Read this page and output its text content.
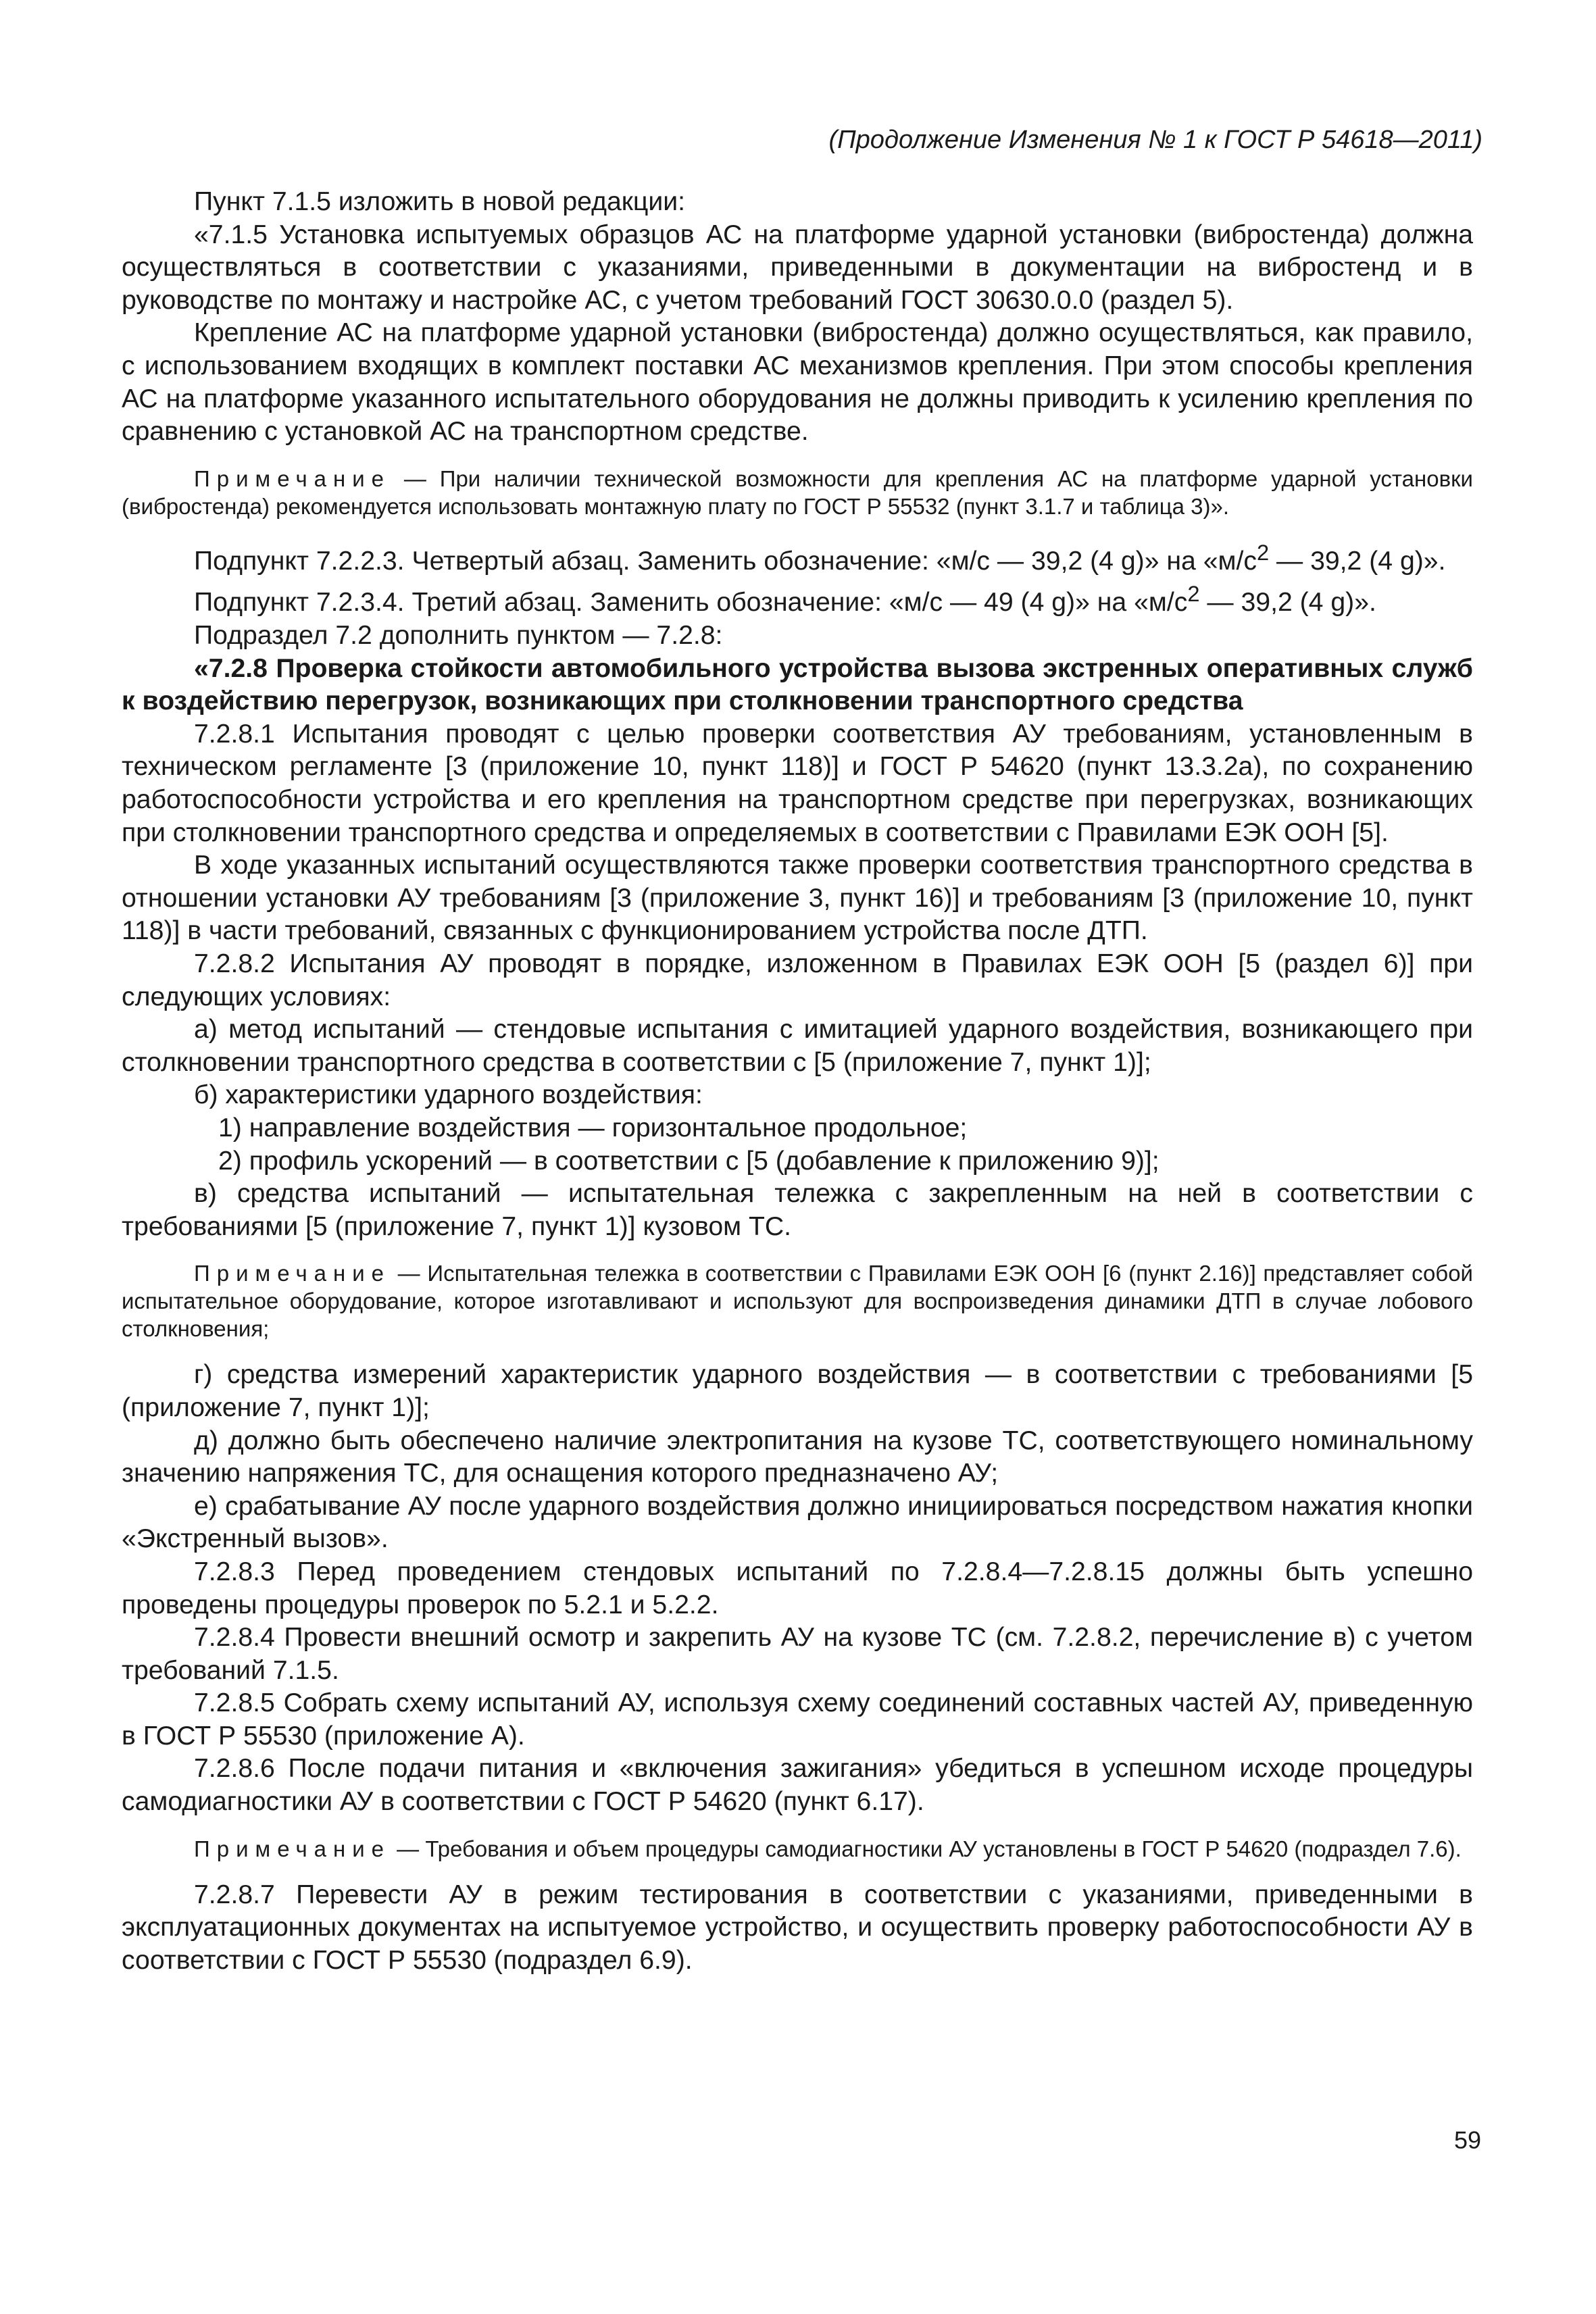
(Продолжение Изменения № 1 к ГОСТ Р 54618—2011)

Пункт 7.1.5 изложить в новой редакции:

«7.1.5 Установка испытуемых образцов АС на платформе ударной установки (вибростенда) должна осуществляться в соответствии с указаниями, приведенными в документации на вибростенд и в руководстве по монтажу и настройке АС, с учетом требований ГОСТ 30630.0.0 (раздел 5).

Крепление АС на платформе ударной установки (вибростенда) должно осуществляться, как правило, с использованием входящих в комплект поставки АС механизмов крепления. При этом способы крепления АС на платформе указанного испытательного оборудования не должны приводить к усилению крепления по сравнению с установкой АС на транспортном средстве.

Примечание — При наличии технической возможности для крепления АС на платформе ударной установки (вибростенда) рекомендуется использовать монтажную плату по ГОСТ Р 55532 (пункт 3.1.7 и таблица 3)».

Подпункт 7.2.2.3. Четвертый абзац. Заменить обозначение: «м/с — 39,2 (4 g)» на «$м/с^2$ — 39,2 (4 g)».

Подпункт 7.2.3.4. Третий абзац. Заменить обозначение: «м/с — 49 (4 g)» на «$м/с^2$ — 39,2 (4 g)».

Подраздел 7.2 дополнить пунктом — 7.2.8:

«7.2.8 Проверка стойкости автомобильного устройства вызова экстренных оперативных служб к воздействию перегрузок, возникающих при столкновении транспортного средства

7.2.8.1 Испытания проводят с целью проверки соответствия АУ требованиям, установленным в техническом регламенте [3 (приложение 10, пункт 118)] и ГОСТ Р 54620 (пункт 13.3.2а), по сохранению работоспособности устройства и его крепления на транспортном средстве при перегрузках, возникающих при столкновении транспортного средства и определяемых в соответствии с Правилами ЕЭК ООН [5].

В ходе указанных испытаний осуществляются также проверки соответствия транспортного средства в отношении установки АУ требованиям [3 (приложение 3, пункт 16)] и требованиям [3 (приложение 10, пункт 118)] в части требований, связанных с функционированием устройства после ДТП.

7.2.8.2 Испытания АУ проводят в порядке, изложенном в Правилах ЕЭК ООН [5 (раздел 6)] при следующих условиях:

а) метод испытаний — стендовые испытания с имитацией ударного воздействия, возникающего при столкновении транспортного средства в соответствии с [5 (приложение 7, пункт 1)];

б) характеристики ударного воздействия:

1) направление воздействия — горизонтальное продольное;

2) профиль ускорений — в соответствии с [5 (добавление к приложению 9)];

в) средства испытаний — испытательная тележка с закрепленным на ней в соответствии с требованиями [5 (приложение 7, пункт 1)] кузовом ТС.

Примечание — Испытательная тележка в соответствии с Правилами ЕЭК ООН [6 (пункт 2.16)] представляет собой испытательное оборудование, которое изготавливают и используют для воспроизведения динамики ДТП в случае лобового столкновения;

г) средства измерений характеристик ударного воздействия — в соответствии с требованиями [5 (приложение 7, пункт 1)];

д) должно быть обеспечено наличие электропитания на кузове ТС, соответствующего номинальному значению напряжения ТС, для оснащения которого предназначено АУ;

е) срабатывание АУ после ударного воздействия должно инициироваться посредством нажатия кнопки «Экстренный вызов».

7.2.8.3 Перед проведением стендовых испытаний по 7.2.8.4—7.2.8.15 должны быть успешно проведены процедуры проверок по 5.2.1 и 5.2.2.

7.2.8.4 Провести внешний осмотр и закрепить АУ на кузове ТС (см. 7.2.8.2, перечисление в) с учетом требований 7.1.5.

7.2.8.5 Собрать схему испытаний АУ, используя схему соединений составных частей АУ, приведенную в ГОСТ Р 55530 (приложение А).

7.2.8.6 После подачи питания и «включения зажигания» убедиться в успешном исходе процедуры самодиагностики АУ в соответствии с ГОСТ Р 54620 (пункт 6.17).

Примечание — Требования и объем процедуры самодиагностики АУ установлены в ГОСТ Р 54620 (подраздел 7.6).

7.2.8.7 Перевести АУ в режим тестирования в соответствии с указаниями, приведенными в эксплуатационных документах на испытуемое устройство, и осуществить проверку работоспособности АУ в соответствии с ГОСТ Р 55530 (подраздел 6.9).

59
